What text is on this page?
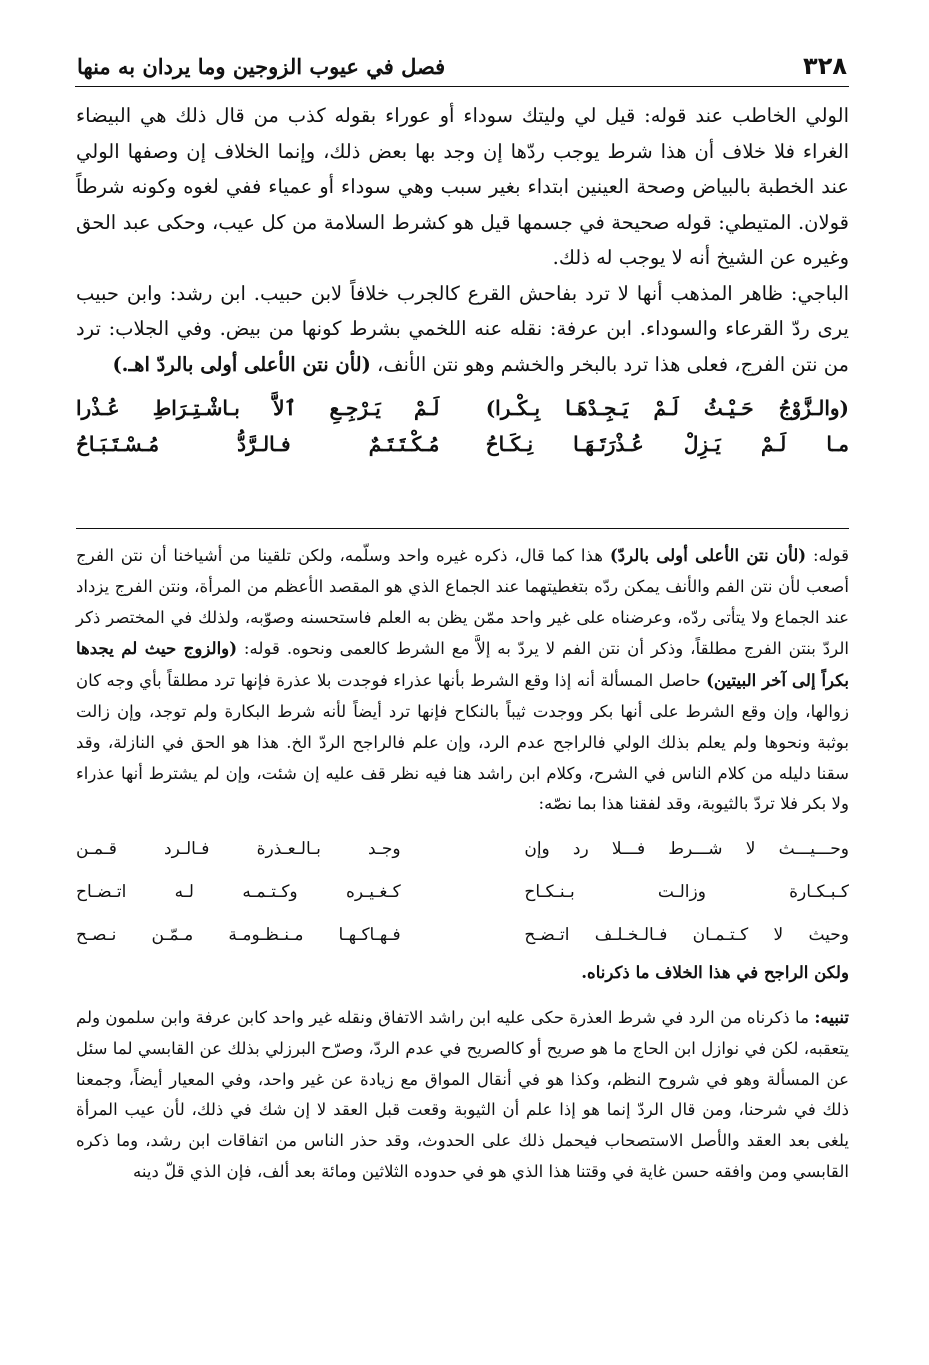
٣٢٨
فصل في عيوب الزوجين وما يردان به منها

الولي الخاطب عند قوله: قيل لي وليتك سوداء أو عوراء بقوله كذب من قال ذلك هي البيضاء الغراء فلا خلاف أن هذا شرط يوجب ردّها إن وجد بها بعض ذلك، وإنما الخلاف إن وصفها الولي عند الخطبة بالبياض وصحة العينين ابتداء بغير سبب وهي سوداء أو عمياء ففي لغوه وكونه شرطاً قولان. المتيطي: قوله صحيحة في جسمها قيل هو كشرط السلامة من كل عيب، وحكى عبد الحق وغيره عن الشيخ أنه لا يوجب له ذلك.

الباجي: ظاهر المذهب أنها لا ترد بفاحش القرع كالجرب خلافاً لابن حبيب. ابن رشد: وابن حبيب يرى ردّ القرعاء والسوداء. ابن عرفة: نقله عنه اللخمي بشرط كونها من بيض. وفي الجلاب: ترد من نتن الفرج، فعلى هذا ترد بالبخر والخشم وهو نتن الأنف، (لأن نتن الأعلى أولى بالردّ اهـ.)

(والـزَّوْجُ حَـيْـثُ لَـمْ يَـجِـدْهَـا بِـكْـرا)
لَـمْ يَـرْجِـعِ ٱلاَّ بـاشْـتِـرَاطِ عُـذْرا
مـا لَـمْ يَـزِلْ عُـذْرَتَـهَـا نِـكَـاحُ
مُـكْـتَـتَـمٌ فـالـرَّدُّ مُـسْـتَـبَـاحُ

قوله: (لأن نتن الأعلى أولى بالردّ) هذا كما قال، ذكره غيره واحد وسلّمه، ولكن تلقينا من أشياخنا أن نتن الفرج أصعب لأن نتن الفم والأنف يمكن ردّه بتغطيتهما عند الجماع الذي هو المقصد الأعظم من المرأة، ونتن الفرج يزداد عند الجماع ولا يتأتى ردّه، وعرضناه على غير واحد ممّن يظن به العلم فاستحسنه وصوّبه، ولذلك في المختصر ذكر الردّ بنتن الفرج مطلقاً، وذكر أن نتن الفم لا يردّ به إلاَّ مع الشرط كالعمى ونحوه. قوله: (والزوج حيث لم يجدها بكراً إلى آخر البيتين) حاصل المسألة أنه إذا وقع الشرط بأنها عذراء فوجدت بلا عذرة فإنها ترد مطلقاً بأي وجه كان زوالها، وإن وقع الشرط على أنها بكر ووجدت ثيباً بالنكاح فإنها ترد أيضاً لأنه شرط البكارة ولم توجد، وإن زالت بوثبة ونحوها ولم يعلم بذلك الولي فالراجح عدم الرد، وإن علم فالراجح الردّ الخ. هذا هو الحق في النازلة، وقد سقنا دليله من كلام الناس في الشرح، وكلام ابن راشد هنا فيه نظر قف عليه إن شئت، وإن لم يشترط أنها عذراء ولا بكر فلا تردّ بالثيوبة، وقد لفقنا هذا بما نصّه:

وحـــيـــث لا شـــرط فـــلا رد وإن
وجـد بـالـعـذرة فـالـرد قـمـن
كـبـكـارة وزالـت بـنـكـاح
كـغـيـره وكـتـمـه لـه اتـضـاح
وحيث لا كـتـمـان فـالـخـلـف اتـضـح
فـهـاكـهـا مـنـظـومـة مـمّـن نـصـح

ولكن الراجح في هذا الخلاف ما ذكرناه.

تنبيه: ما ذكرناه من الرد في شرط العذرة حكى عليه ابن راشد الاتفاق ونقله غير واحد كابن عرفة وابن سلمون ولم يتعقبه، لكن في نوازل ابن الحاج ما هو صريح أو كالصريح في عدم الردّ، وصرّح البرزلي بذلك عن القابسي لما سئل عن المسألة وهو في شروح النظم، وكذا هو في أنقال المواق مع زيادة عن غير واحد، وفي المعيار أيضاً، وجمعنا ذلك في شرحنا، ومن قال الردّ إنما هو إذا علم أن الثيوبة وقعت قبل العقد لا إن شك في ذلك، لأن عيب المرأة يلغى بعد العقد والأصل الاستصحاب فيحمل ذلك على الحدوث، وقد حذر الناس من اتفاقات ابن رشد، وما ذكره القابسي ومن وافقه حسن غاية في وقتنا هذا الذي هو في حدوده الثلاثين ومائة بعد ألف، فإن الذي قلّ دينه
